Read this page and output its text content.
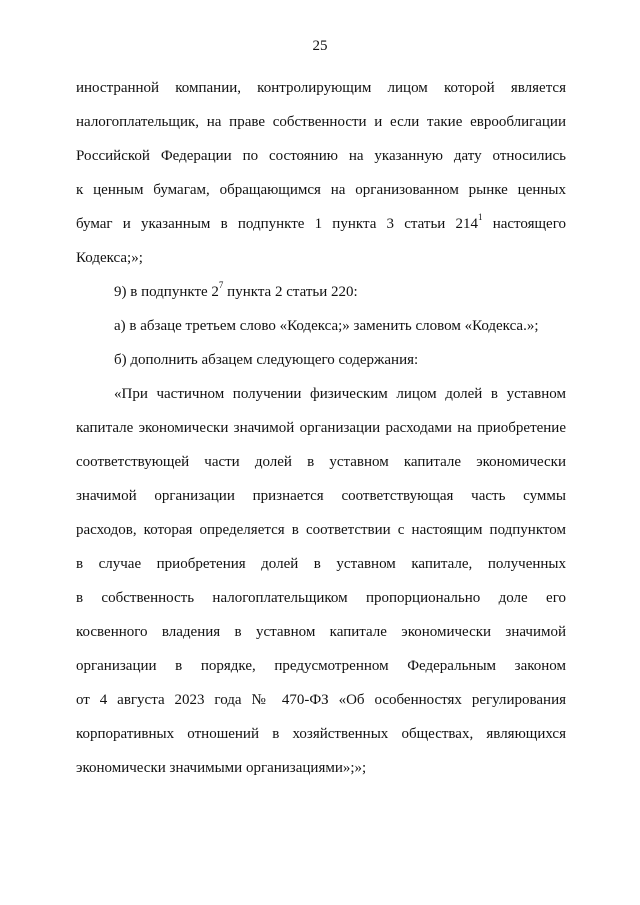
25
иностранной компании, контролирующим лицом которой является
налогоплательщик, на праве собственности и если такие еврооблигации
Российской Федерации по состоянию на указанную дату относились
к ценным бумагам, обращающимся на организованном рынке ценных
бумаг и указанным в подпункте 1 пункта 3 статьи $214^1$ настоящего
Кодекса;»;
9) в подпункте $2^7$ пункта 2 статьи 220:
а) в абзаце третьем слово «Кодекса;» заменить словом «Кодекса.»;
б) дополнить абзацем следующего содержания:
«При частичном получении физическим лицом долей в уставном
капитале экономически значимой организации расходами на приобретение
соответствующей части долей в уставном капитале экономически
значимой организации признается соответствующая часть суммы
расходов, которая определяется в соответствии с настоящим подпунктом
в случае приобретения долей в уставном капитале, полученных
в собственность налогоплательщиком пропорционально доле его
косвенного владения в уставном капитале экономически значимой
организации в порядке, предусмотренном Федеральным законом
от 4 августа 2023 года № 470-ФЗ «Об особенностях регулирования
корпоративных отношений в хозяйственных обществах, являющихся
экономически значимыми организациями»;»;
